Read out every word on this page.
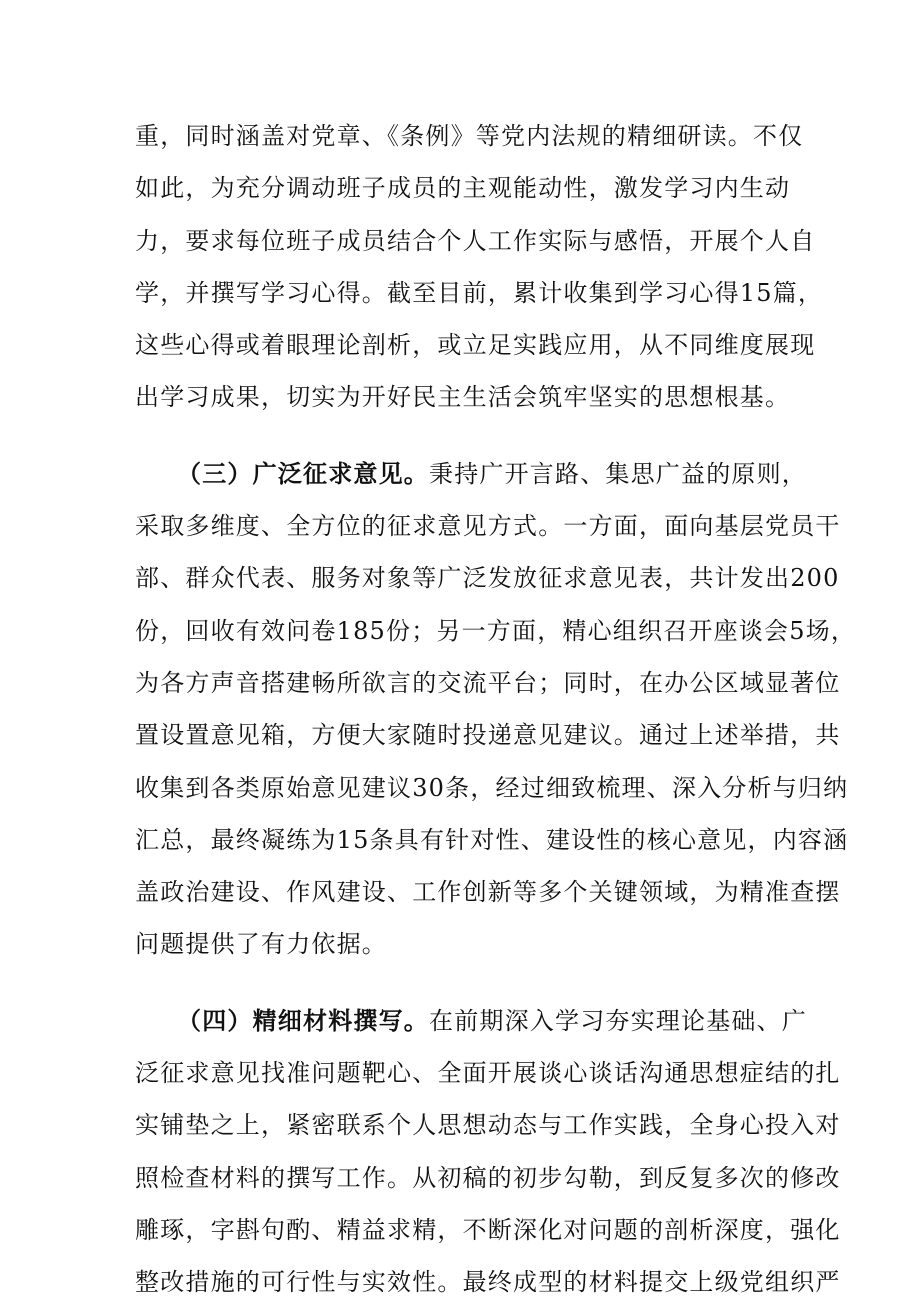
重，同时涵盖对党章、《条例》等党内法规的精细研读。不仅
如此，为充分调动班子成员的主观能动性，激发学习内生动
力，要求每位班子成员结合个人工作实际与感悟，开展个人自
学，并撰写学习心得。截至目前，累计收集到学习心得15篇，
这些心得或着眼理论剖析，或立足实践应用，从不同维度展现
出学习成果，切实为开好民主生活会筑牢坚实的思想根基。
（三）广泛征求意见。秉持广开言路、集思广益的原则，
采取多维度、全方位的征求意见方式。一方面，面向基层党员干
部、群众代表、服务对象等广泛发放征求意见表，共计发出200
份，回收有效问卷185份；另一方面，精心组织召开座谈会5场，
为各方声音搭建畅所欲言的交流平台；同时，在办公区域显著位
置设置意见箱，方便大家随时投递意见建议。通过上述举措，共
收集到各类原始意见建议30条，经过细致梳理、深入分析与归纳
汇总，最终凝练为15条具有针对性、建设性的核心意见，内容涵
盖政治建设、作风建设、工作创新等多个关键领域，为精准查摆
问题提供了有力依据。
（四）精细材料撰写。在前期深入学习夯实理论基础、广
泛征求意见找准问题靶心、全面开展谈心谈话沟通思想症结的扎
实铺垫之上，紧密联系个人思想动态与工作实践，全身心投入对
照检查材料的撰写工作。从初稿的初步勾勒，到反复多次的修改
雕琢，字斟句酌、精益求精，不断深化对问题的剖析深度，强化
整改措施的可行性与实效性。最终成型的材料提交上级党组织严
